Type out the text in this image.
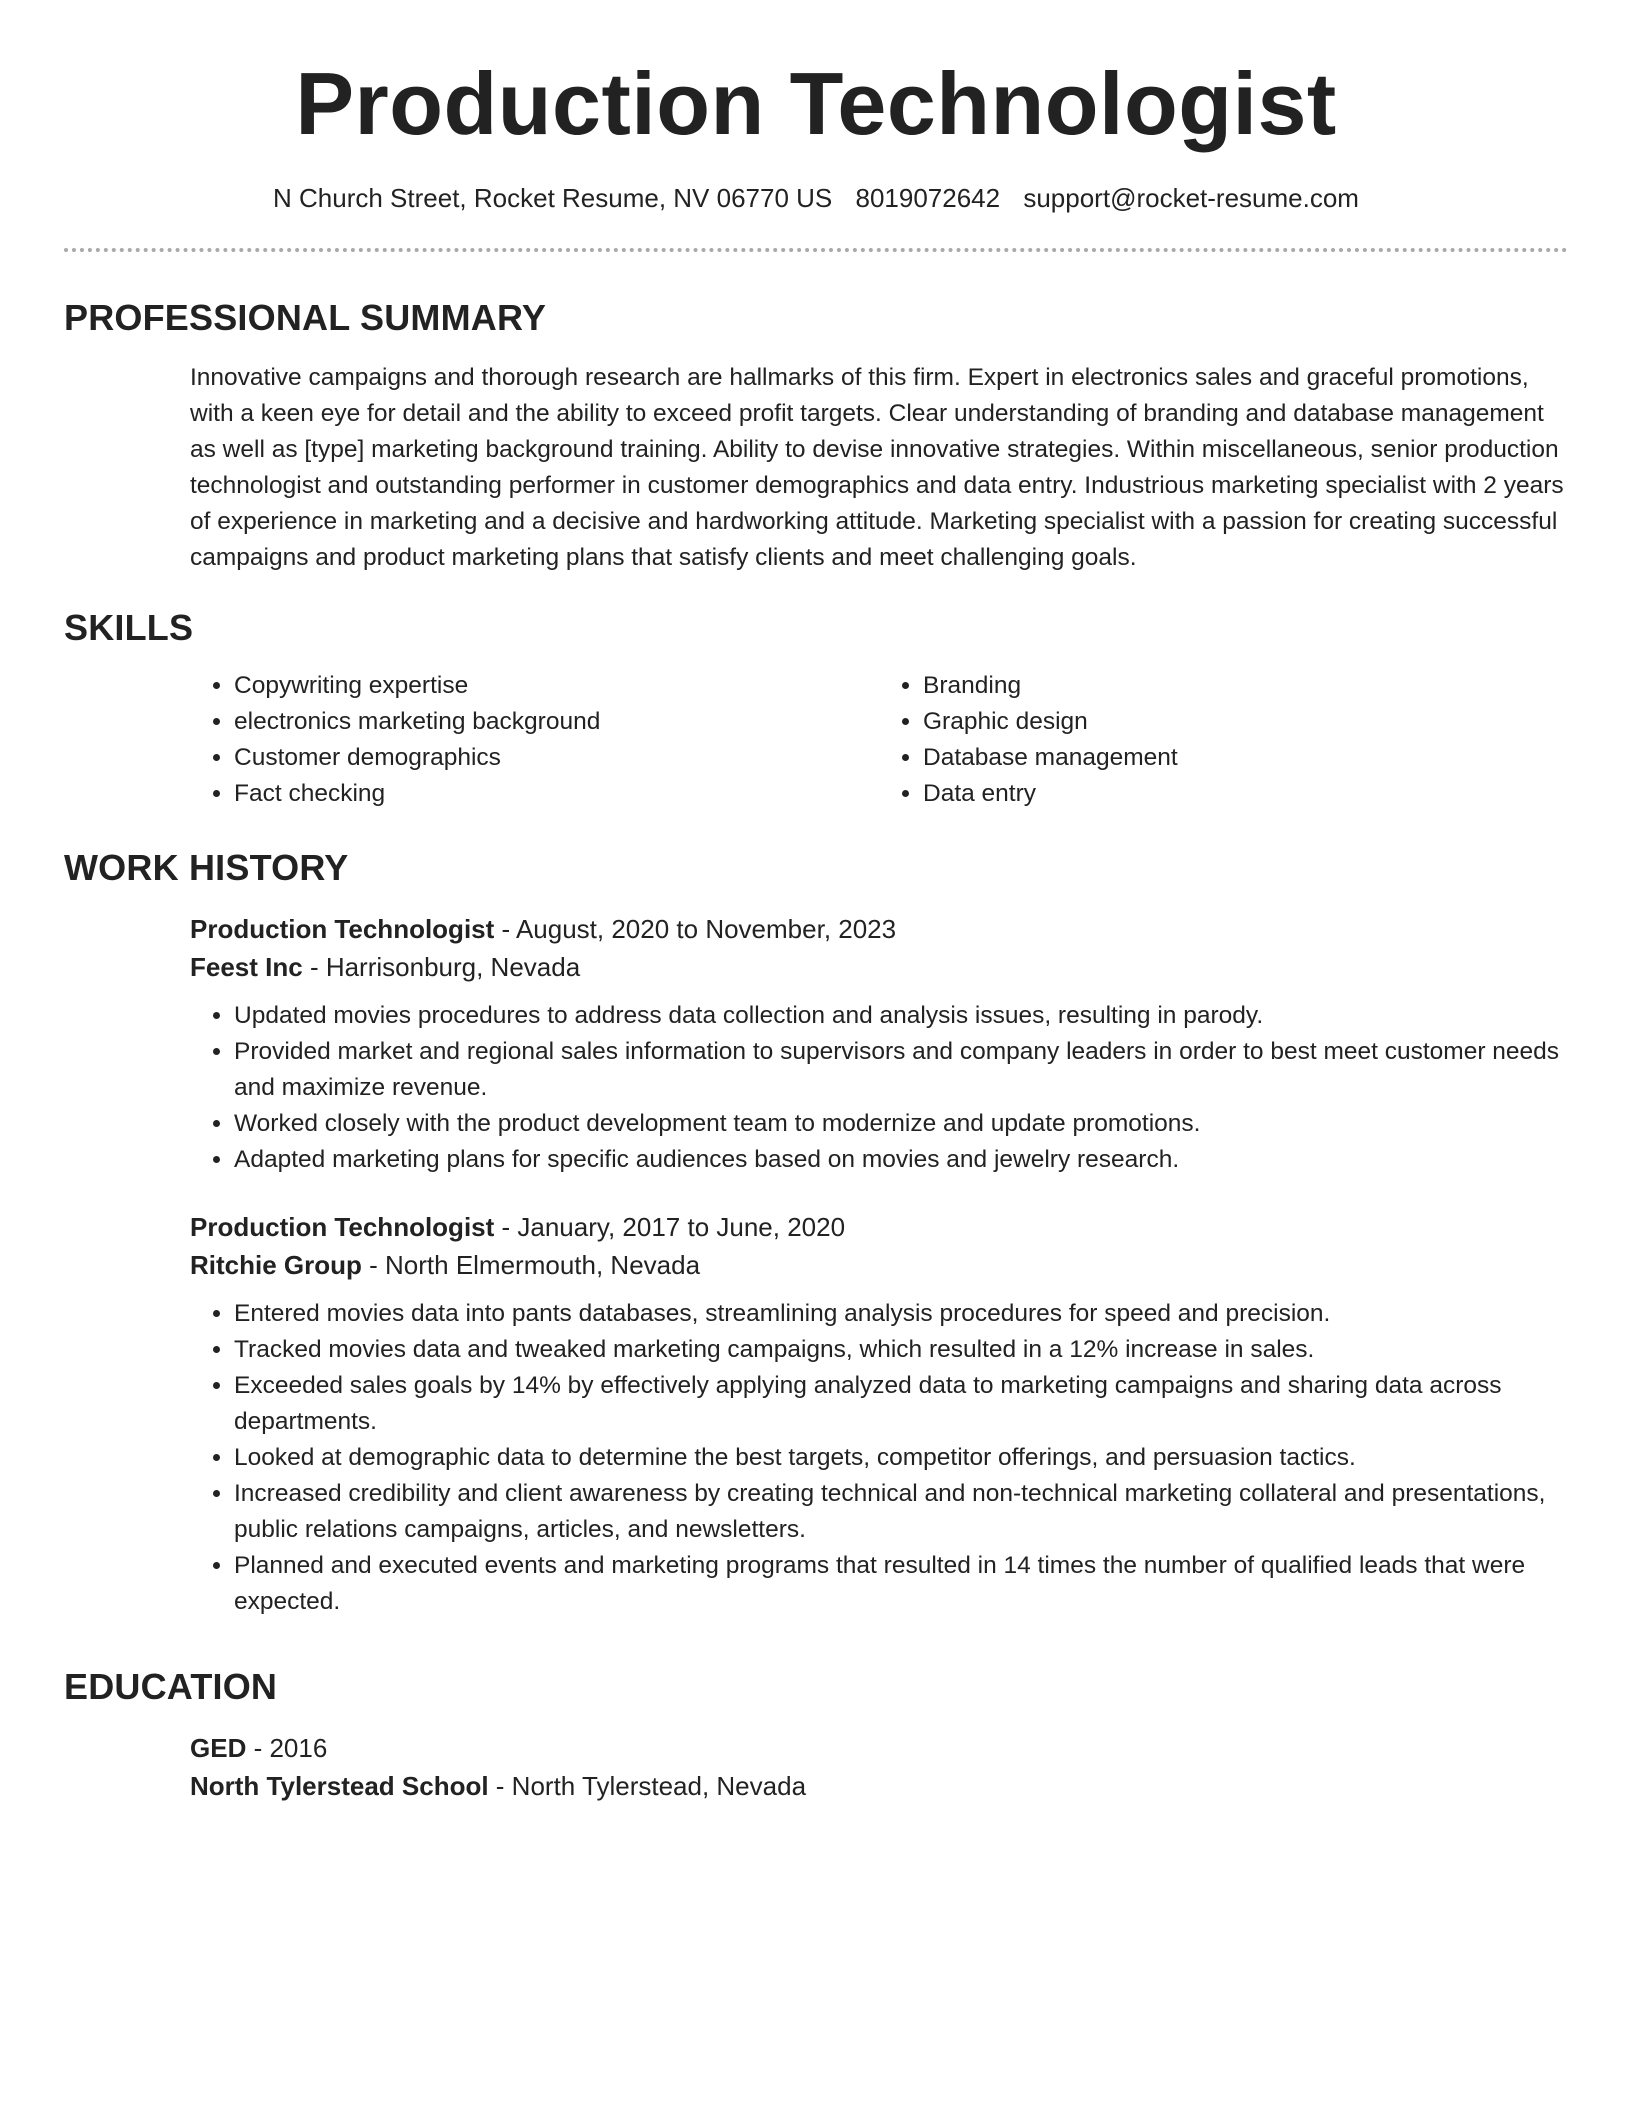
Production Technologist
N Church Street, Rocket Resume, NV 06770 US 8019072642 support@rocket-resume.com
PROFESSIONAL SUMMARY

Innovative campaigns and thorough research are hallmarks of this firm. Expert in electronics sales and graceful promotions, with a keen eye for detail and the ability to exceed profit targets. Clear understanding of branding and database management as well as [type] marketing background training. Ability to devise innovative strategies. Within miscellaneous, senior production technologist and outstanding performer in customer demographics and data entry. Industrious marketing specialist with 2 years of experience in marketing and a decisive and hardworking attitude. Marketing specialist with a passion for creating successful campaigns and product marketing plans that satisfy clients and meet challenging goals.

SKILLS
• Copywriting expertise
• electronics marketing background
• Customer demographics
• Fact checking
• Branding
• Graphic design
• Database management
• Data entry
WORK HISTORY
Production Technologist - August, 2020 to November, 2023
Feest Inc - Harrisonburg, Nevada
• Updated movies procedures to address data collection and analysis issues, resulting in parody.
• Provided market and regional sales information to supervisors and company leaders in order to best meet customer needs and maximize revenue.
• Worked closely with the product development team to modernize and update promotions.
• Adapted marketing plans for specific audiences based on movies and jewelry research.
Production Technologist - January, 2017 to June, 2020
Ritchie Group - North Elmermouth, Nevada
• Entered movies data into pants databases, streamlining analysis procedures for speed and precision.
• Tracked movies data and tweaked marketing campaigns, which resulted in a 12% increase in sales.
• Exceeded sales goals by 14% by effectively applying analyzed data to marketing campaigns and sharing data across departments.
• Looked at demographic data to determine the best targets, competitor offerings, and persuasion tactics.
• Increased credibility and client awareness by creating technical and non-technical marketing collateral and presentations, public relations campaigns, articles, and newsletters.
• Planned and executed events and marketing programs that resulted in 14 times the number of qualified leads that were expected.
EDUCATION
GED - 2016
North Tylerstead School - North Tylerstead, Nevada
